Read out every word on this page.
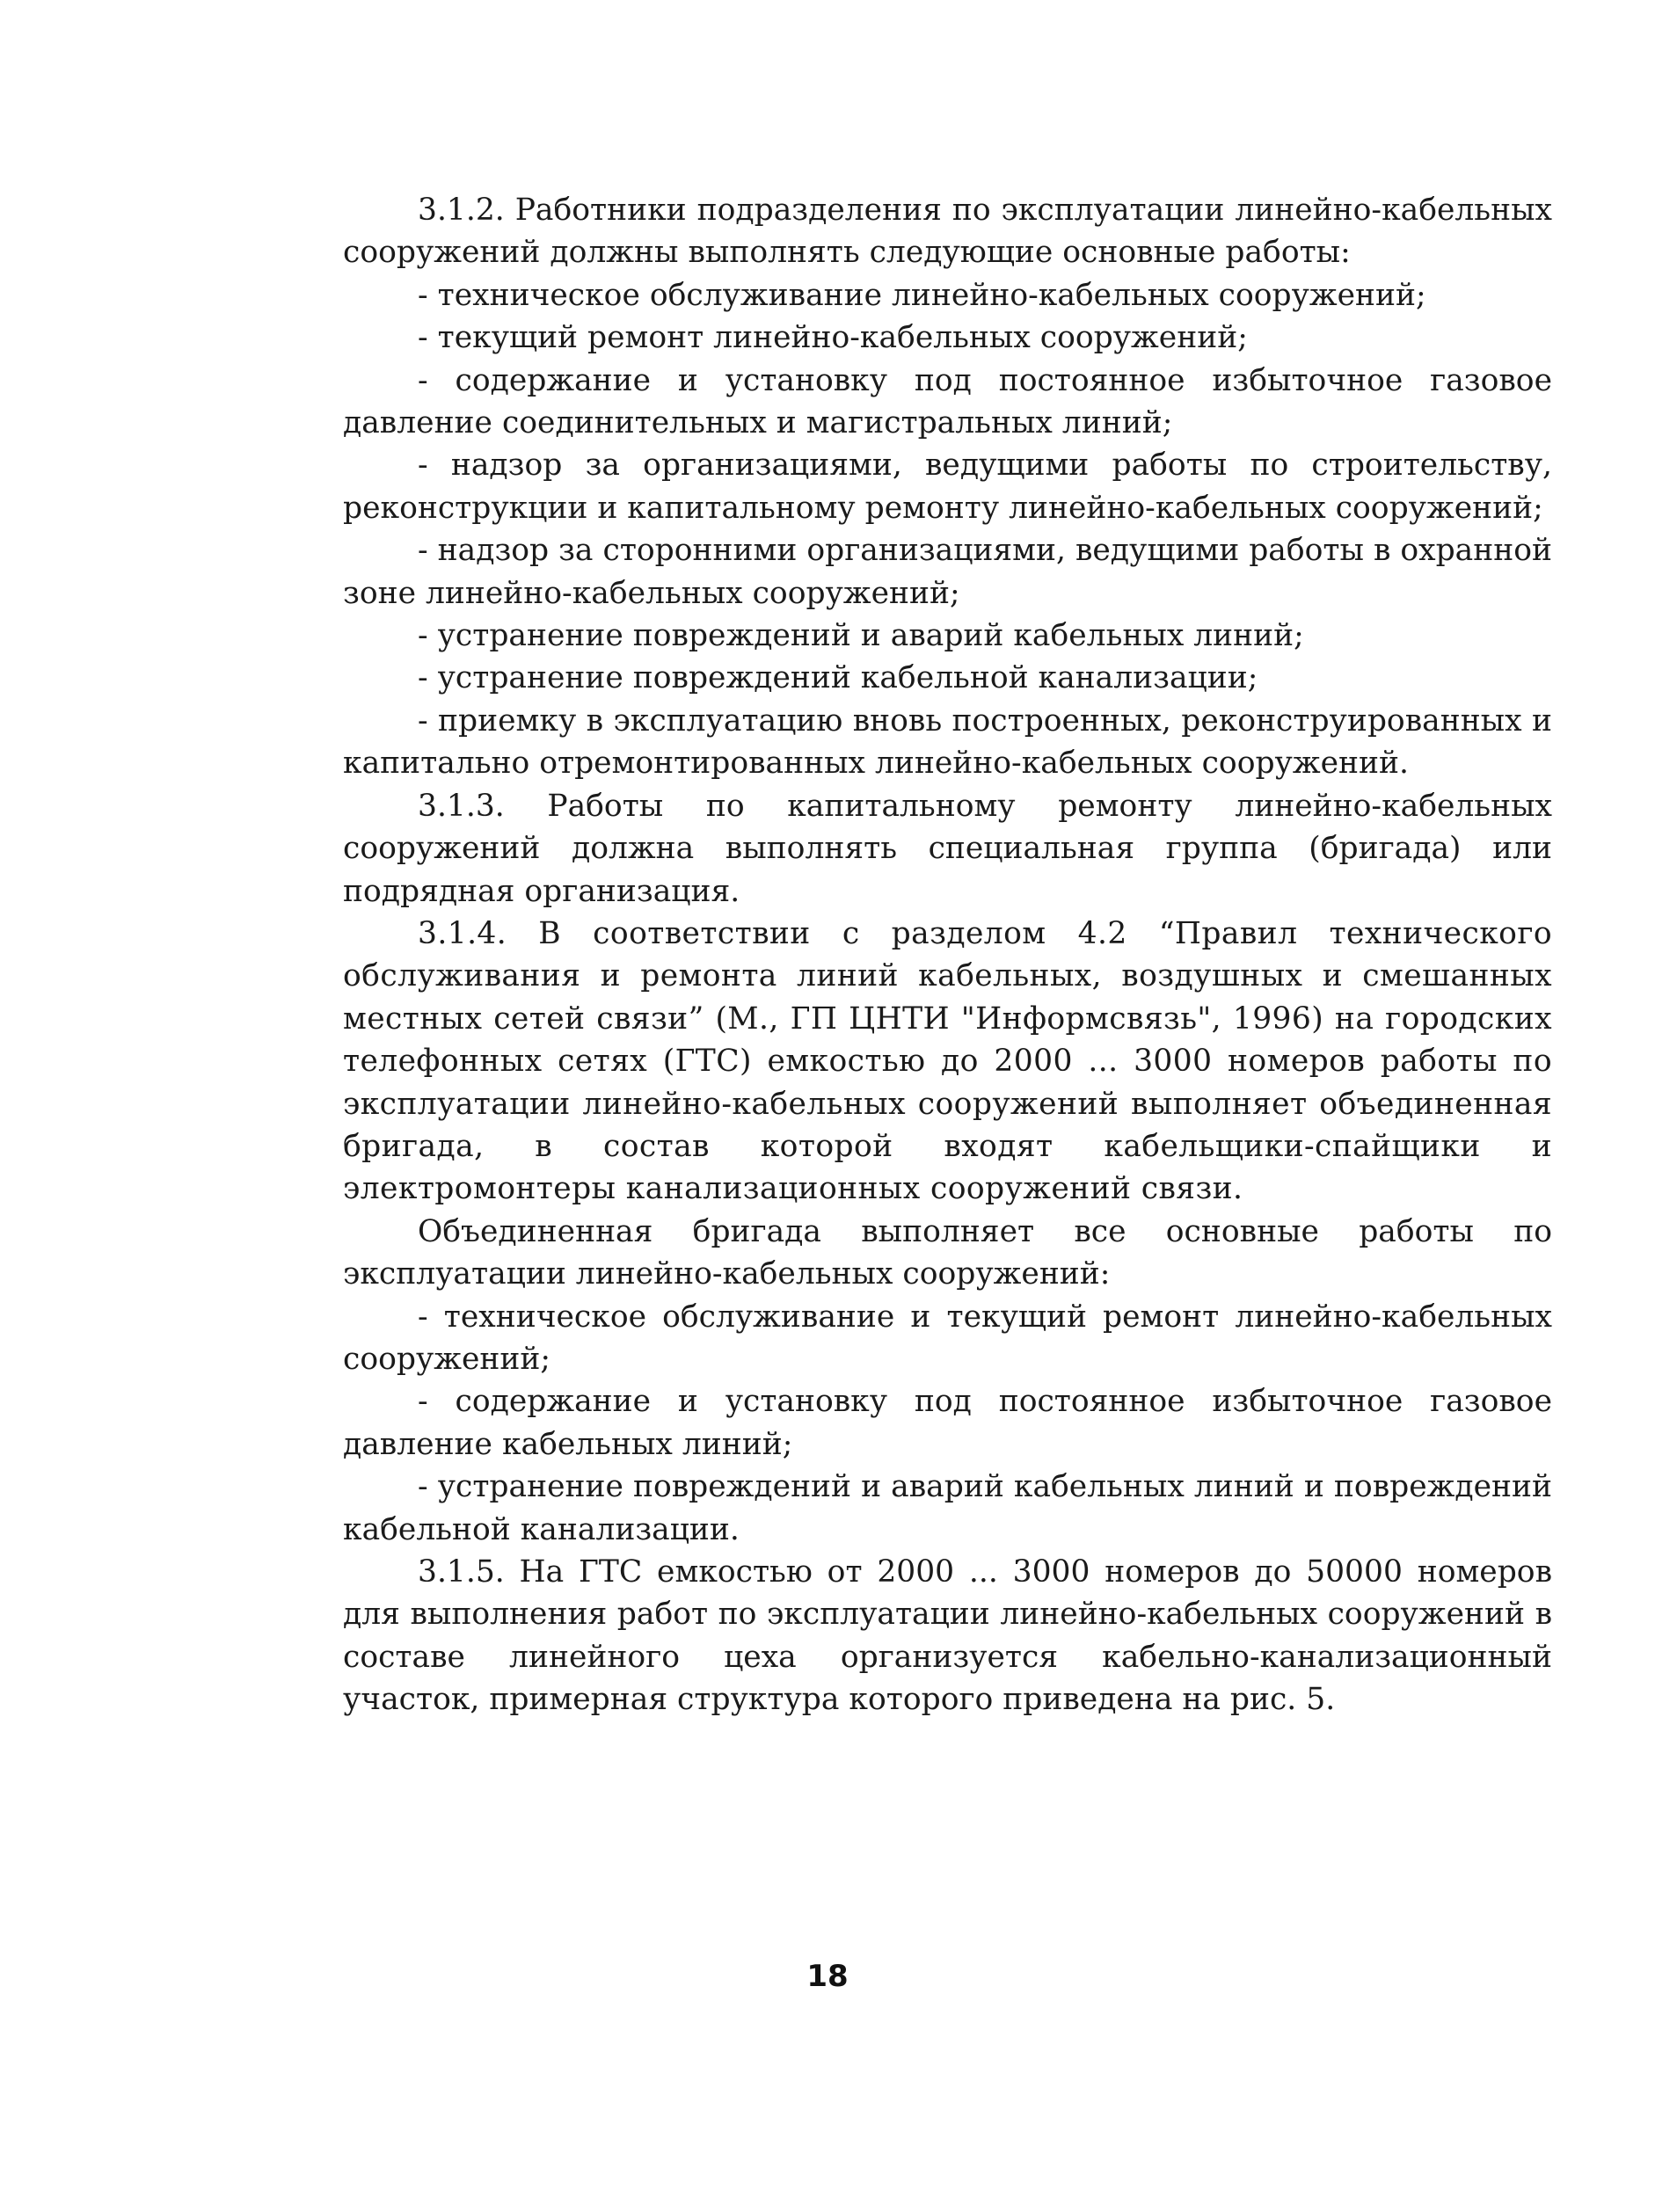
3.1.2. Работники подразделения по эксплуатации линейно-кабельных сооружений должны выполнять следующие основные работы:

- техническое обслуживание линейно-кабельных сооружений;

- текущий ремонт линейно-кабельных сооружений;

- содержание и установку под постоянное избыточное газовое давление соединительных и магистральных линий;

- надзор за организациями, ведущими работы по строительству, реконструкции и капитальному ремонту линейно-кабельных сооружений;

- надзор за сторонними организациями, ведущими работы в охранной зоне линейно-кабельных сооружений;

- устранение повреждений и аварий кабельных линий;

- устранение повреждений кабельной канализации;

- приемку в эксплуатацию вновь построенных, реконструированных и капитально отремонтированных линейно-кабельных сооружений.

3.1.3. Работы по капитальному ремонту линейно-кабельных сооружений должна выполнять специальная группа (бригада) или подрядная организация.

3.1.4. В соответствии с разделом 4.2 “Правил технического обслуживания и ремонта линий кабельных, воздушных и смешанных местных сетей связи” (М., ГП ЦНТИ "Информсвязь", 1996) на городских телефонных сетях (ГТС) емкостью до 2000 ... 3000 номеров работы по эксплуатации линейно-кабельных сооружений выполняет объединенная бригада, в состав которой входят кабельщики-спайщики и электромонтеры канализационных сооружений связи.

Объединенная бригада выполняет все основные работы по эксплуатации линейно-кабельных сооружений:

- техническое обслуживание и текущий ремонт линейно-кабельных сооружений;

- содержание и установку под постоянное избыточное газовое давление кабельных линий;

- устранение повреждений и аварий кабельных линий и повреждений кабельной канализации.

3.1.5. На ГТС емкостью от 2000 ... 3000 номеров до 50000 номеров для выполнения работ по эксплуатации линейно-кабельных сооружений в составе линейного цеха организуется кабельно-канализационный участок, примерная структура которого приведена на рис. 5.

18
